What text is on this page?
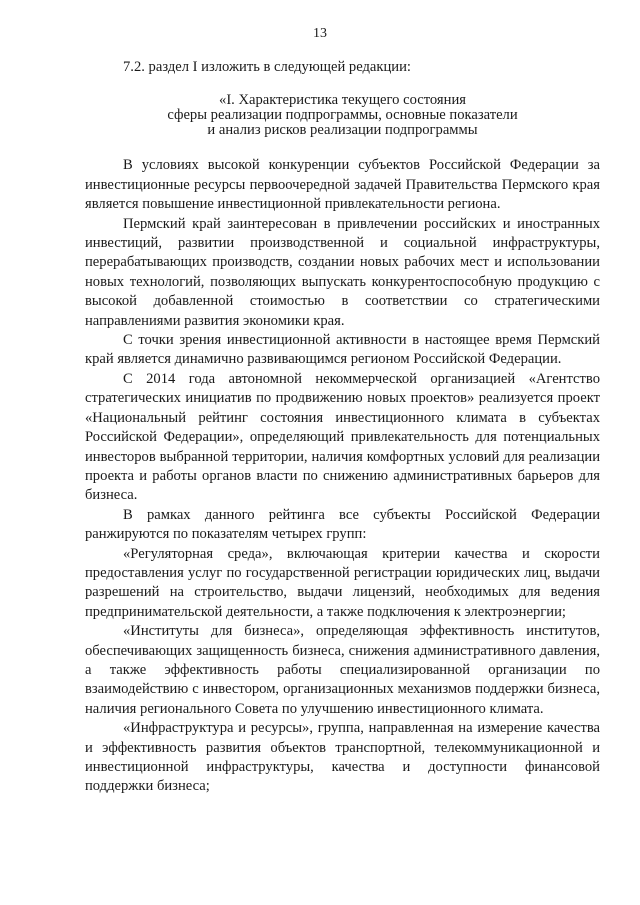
13

7.2. раздел I изложить в следующей редакции:

«I. Характеристика текущего состояния
сферы реализации подпрограммы, основные показатели
и анализ рисков реализации подпрограммы

В условиях высокой конкуренции субъектов Российской Федерации за инвестиционные ресурсы первоочередной задачей Правительства Пермского края является повышение инвестиционной привлекательности региона.

Пермский край заинтересован в привлечении российских и иностранных инвестиций, развитии производственной и социальной инфраструктуры, перерабатывающих производств, создании новых рабочих мест и использовании новых технологий, позволяющих выпускать конкурентоспособную продукцию с высокой добавленной стоимостью в соответствии со стратегическими направлениями развития экономики края.

С точки зрения инвестиционной активности в настоящее время Пермский край является динамично развивающимся регионом Российской Федерации.

С 2014 года автономной некоммерческой организацией «Агентство стратегических инициатив по продвижению новых проектов» реализуется проект «Национальный рейтинг состояния инвестиционного климата в субъектах Российской Федерации», определяющий привлекательность для потенциальных инвесторов выбранной территории, наличия комфортных условий для реализации проекта и работы органов власти по снижению административных барьеров для бизнеса.

В рамках данного рейтинга все субъекты Российской Федерации ранжируются по показателям четырех групп:

«Регуляторная среда», включающая критерии качества и скорости предоставления услуг по государственной регистрации юридических лиц, выдачи разрешений на строительство, выдачи лицензий, необходимых для ведения предпринимательской деятельности, а также подключения к электроэнергии;

«Институты для бизнеса», определяющая эффективность институтов, обеспечивающих защищенность бизнеса, снижения административного давления, а также эффективность работы специализированной организации по взаимодействию с инвестором, организационных механизмов поддержки бизнеса, наличия регионального Совета по улучшению инвестиционного климата.

«Инфраструктура и ресурсы», группа, направленная на измерение качества и эффективность развития объектов транспортной, телекоммуникационной и инвестиционной инфраструктуры, качества и доступности финансовой поддержки бизнеса;
